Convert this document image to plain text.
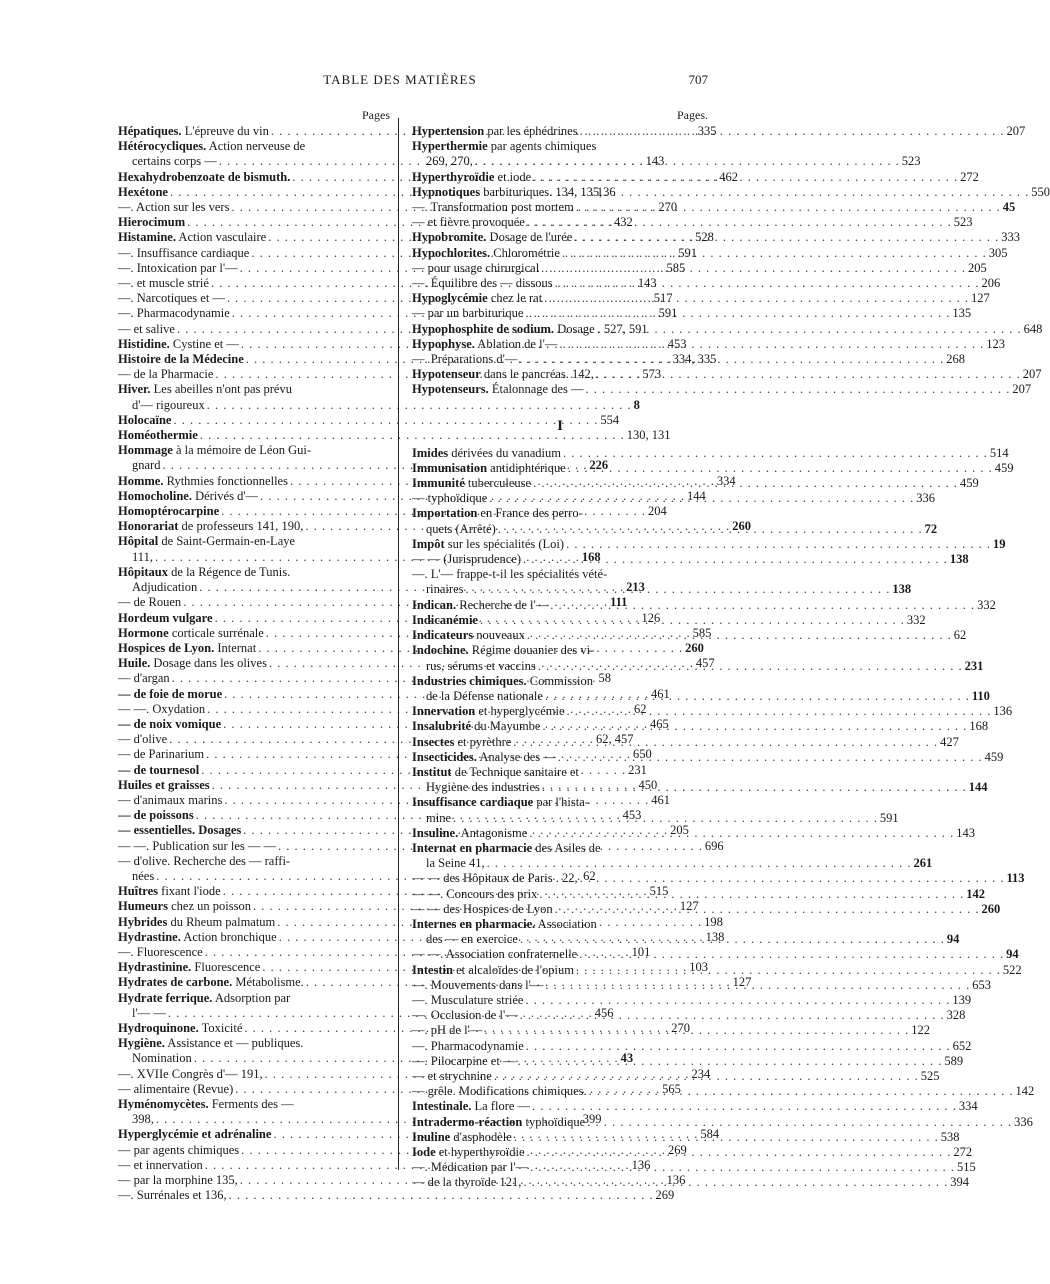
TABLE DES MATIÈRES	707
Pages
Hépatiques. L'épreuve du vin . . .	335
Hétérocycliques. Action nerveuse de
certains corps — . . .	143
Hexahydrobenzoate de bismuth. . . .	462
Hexétone . . .	136
—. Action sur les vers . . .	270
Hierocimum . . .	432
Histamine. Action vasculaire . . .	528
—. Insuffisance cardiaque . . .	591
—. Intoxication par l'— . . .	585
—. et muscle strié . . .	143
—. Narcotiques et — . . .	517
—. Pharmacodynamie . . .	591
— et salive . . .	527, 591
Histidine. Cystine et — . . .	453
Histoire de la Médecine . . .	334, 335
— de la Pharmacie . . .	573
Hiver. Les abeilles n'ont pas prévu
d'— rigoureux . . .	8
Holocaïne . . .	554
Homéothermie . . .	130, 131
Hommage à la mémoire de Léon Gui-
gnard . . .	226
Homme. Rythmies fonctionnelles . . .	334
Homocholine. Dérivés d'— . . .	144
Homoptérocarpine . . .	204
Honorariat de professeurs 141, 190, . . .	260
Hôpital de Saint-Germain-en-Laye
111, . . .	168
Hôpitaux de la Régence de Tunis.
Adjudication . . .	213
— de Rouen . . .	111
Hordeum vulgare . . .	126
Hormone corticale surrénale . . .	585
Hospices de Lyon. Internat . . .	260
Huile. Dosage dans les olives . . .	457
— d'argan . . .	58
— de foie de morue . . .	461
— —. Oxydation . . .	62
— de noix vomique . . .	465
— d'olive . . .	62, 457
— de Parinarium . . .	650
— de tournesol . . .	231
Huiles et graisses . . .	450
— d'animaux marins . . .	461
— de poissons . . .	453
— essentielles. Dosages . . .	205
— —. Publication sur les — — . . .	696
— d'olive. Recherche des — raffi-
nées . . .	62
Huîtres fixant l'iode . . .	515
Humeurs chez un poisson . . .	127
Hybrides du Rheum palmatum . . .	198
Hydrastine. Action bronchique . . .	138
—. Fluorescence . . .	101
Hydrastinine. Fluorescence . . .	103
Hydrates de carbone. Métabolisme. . . .	127
Hydrate ferrique. Adsorption par
l'— — . . .	456
Hydroquinone. Toxicité . . .	270
Hygiène. Assistance et — publiques.
Nomination . . .	43
—. XVIIe Congrès d'— 191, . . .	234
— alimentaire (Revue) . . .	565
Hyménomycètes. Ferments des —
398, . . .	399
Hyperglycémie et adrénaline . . .	584
— par agents chimiques . . .	269
— et innervation . . .	136
— par la morphine 135, . . .	136
—. Surrénales et 136, . . .	269
Pages.
Hypertension par les éphédrines . . .	207
Hyperthermie par agents chimiques
269, 270, . . .	523
Hyperthyroïdie et iode . . .	272
Hypnotiques barbituriques. 134, 135, . . .	550
—. Transformation post mortem . . .	45
— et fièvre provoquée . . .	523
Hypobromite. Dosage de l'urée . . .	333
Hypochlorites. Chlorométrie . . .	305
— pour usage chirurgical . . .	205
—. Équilibre des — dissous . . .	206
Hypoglycémie chez le rat . . .	127
— par un barbiturique . . .	135
Hypophosphite de sodium. Dosage . . .	648
Hypophyse. Ablation de l'— . . .	123
—. Préparations d'— . . .	268
Hypotenseur dans le pancréas. 142, . . .	207
Hypotenseurs. Étalonnage des — . . .	207
I
Imides dérivées du vanadium . . .	514
Immunisation antidiphtérique . . .	459
Immunité tuberculeuse . . .	459
— typhoïdique . . .	336
Importation en France des perro-
quets (Arrêté) . . .	72
Impôt sur les spécialités (Loi) . . .	19
— — (Jurisprudence) . . .	138
—. L'— frappe-t-il les spécialités vété-
rinaires . . .	138
Indican. Recherche de l'— . . .	332
Indicanémie . . .	332
Indicateurs nouveaux . . .	62
Indochine. Régime douanier des vi-
rus, sérums et vaccins . . .	231
Industries chimiques. Commission
de la Défense nationale . . .	110
Innervation et hyperglycémie . . .	136
Insalubrité du Mayumbe . . .	168
Insectes et pyrèthre . . .	427
Insecticides. Analyse des — . . .	459
Institut de Technique sanitaire et
Hygiène des industries . . .	144
Insuffisance cardiaque par l'hista-
mine . . .	591
Insuline. Antagonisme . . .	143
Internat en pharmacie des Asiles de
la Seine 41, . . .	261
— — des Hôpitaux de Paris . 22, . . .	113
— —. Concours des prix . . .	142
— — des Hospices de Lyon . . .	260
Internes en pharmacie. Association
des — en exercice . . .	94
— —. Association confraternelle . . .	94
Intestin et alcaloïdes de l'opium . . .	522
—. Mouvements dans l'— . . .	653
—. Musculature striée . . .	139
—. Occlusion de l'— . . .	328
—. pH de l'— . . .	122
—. Pharmacodynamie . . .	652
—. Pilocarpine et — . . .	589
— et strychnine . . .	525
— grêle. Modifications chimiques. . . .	142
Intestinale. La flore — . . .	334
Intradermo-réaction typhoïdique . . .	336
Inuline d'asphodèle . . .	538
Iode et hyperthyroïdie . . .	272
—. Médication par l'— . . .	515
— de la thyroïde 121, . . .	394
